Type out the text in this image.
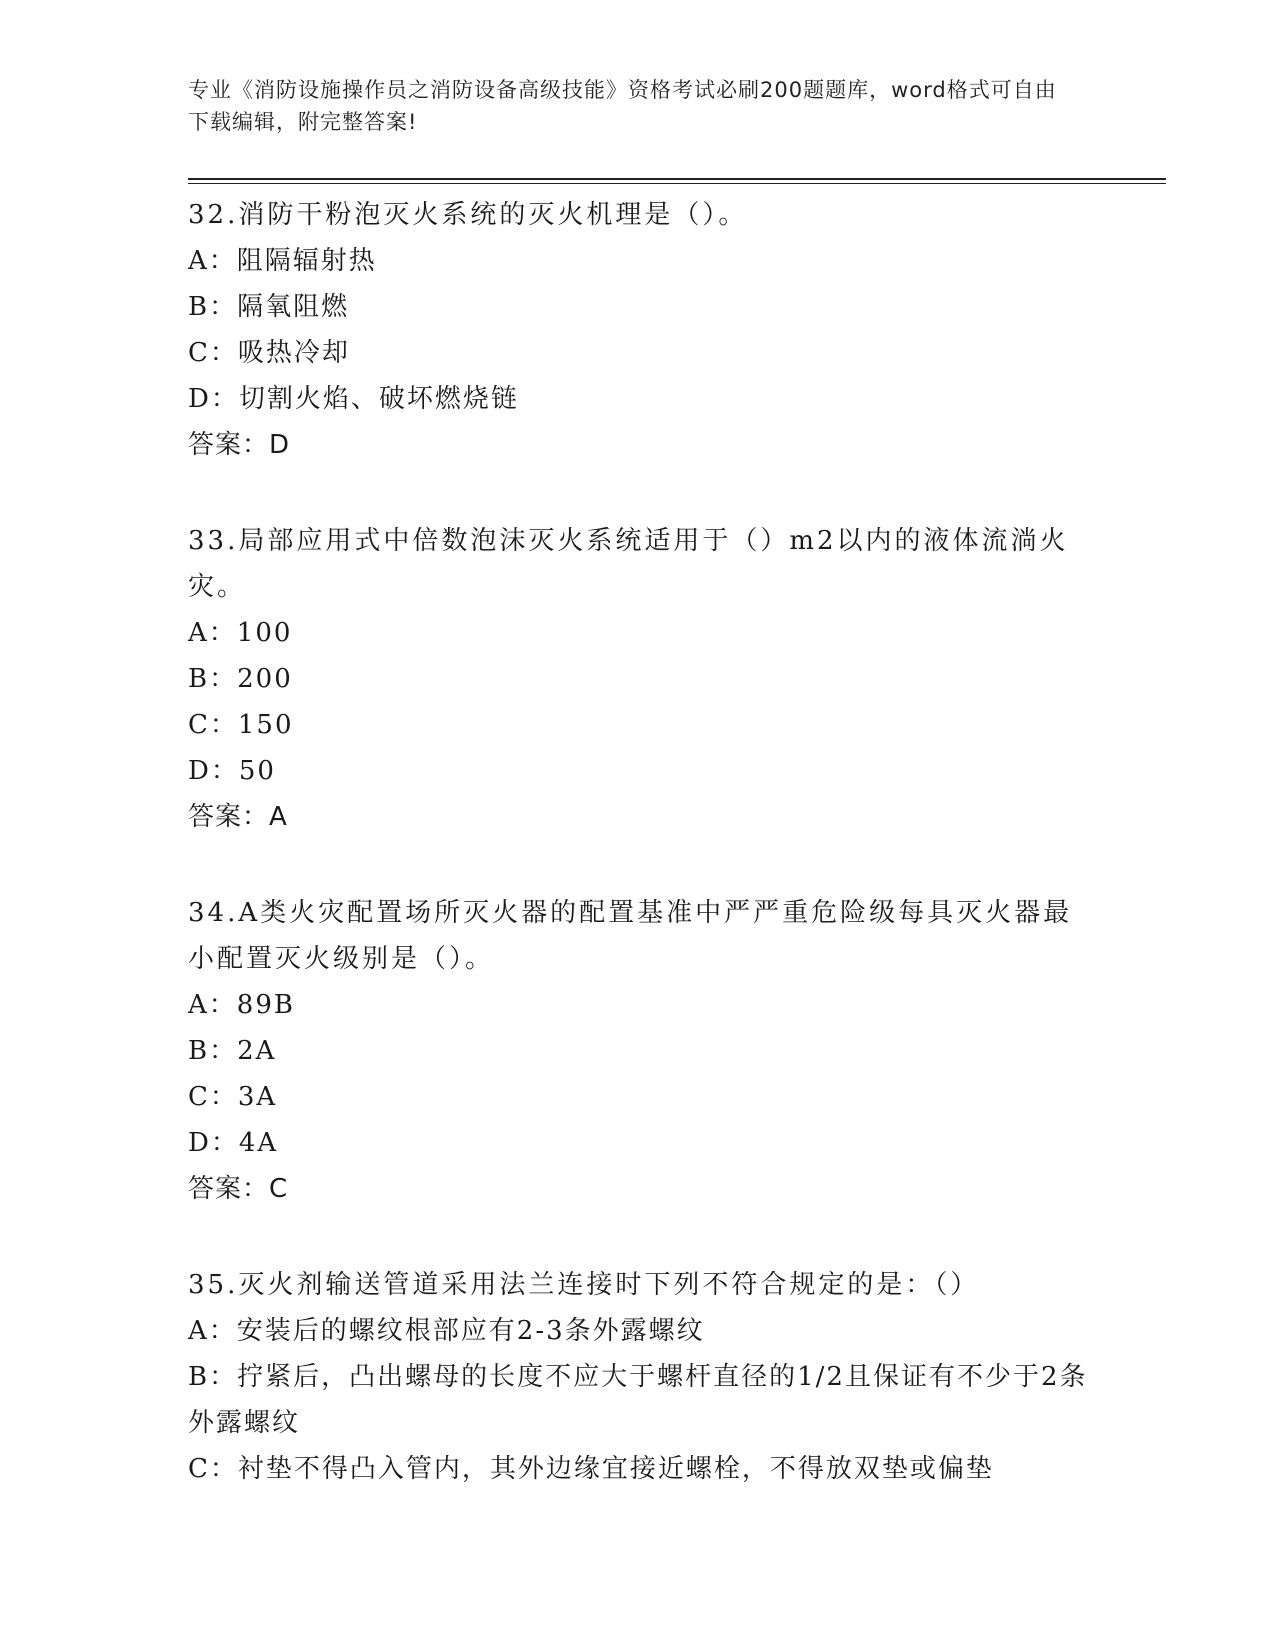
专业《消防设施操作员之消防设备高级技能》资格考试必刷200题题库，word格式可自由下载编辑，附完整答案!

32.消防干粉泡灭火系统的灭火机理是（）。

A：阻隔辐射热

B：隔氧阻燃

C：吸热冷却

D：切割火焰、破坏燃烧链

答案：D

33.局部应用式中倍数泡沫灭火系统适用于（）m2以内的液体流淌火灾。

A：100

B：200

C：150

D：50

答案：A

34.A类火灾配置场所灭火器的配置基准中严严重危险级每具灭火器最小配置灭火级别是（）。

A：89B

B：2A

C：3A

D：4A

答案：C

35.灭火剂输送管道采用法兰连接时下列不符合规定的是：（）

A：安装后的螺纹根部应有2-3条外露螺纹

B：拧紧后，凸出螺母的长度不应大于螺杆直径的1/2且保证有不少于2条外露螺纹

C：衬垫不得凸入管内，其外边缘宜接近螺栓，不得放双垫或偏垫
